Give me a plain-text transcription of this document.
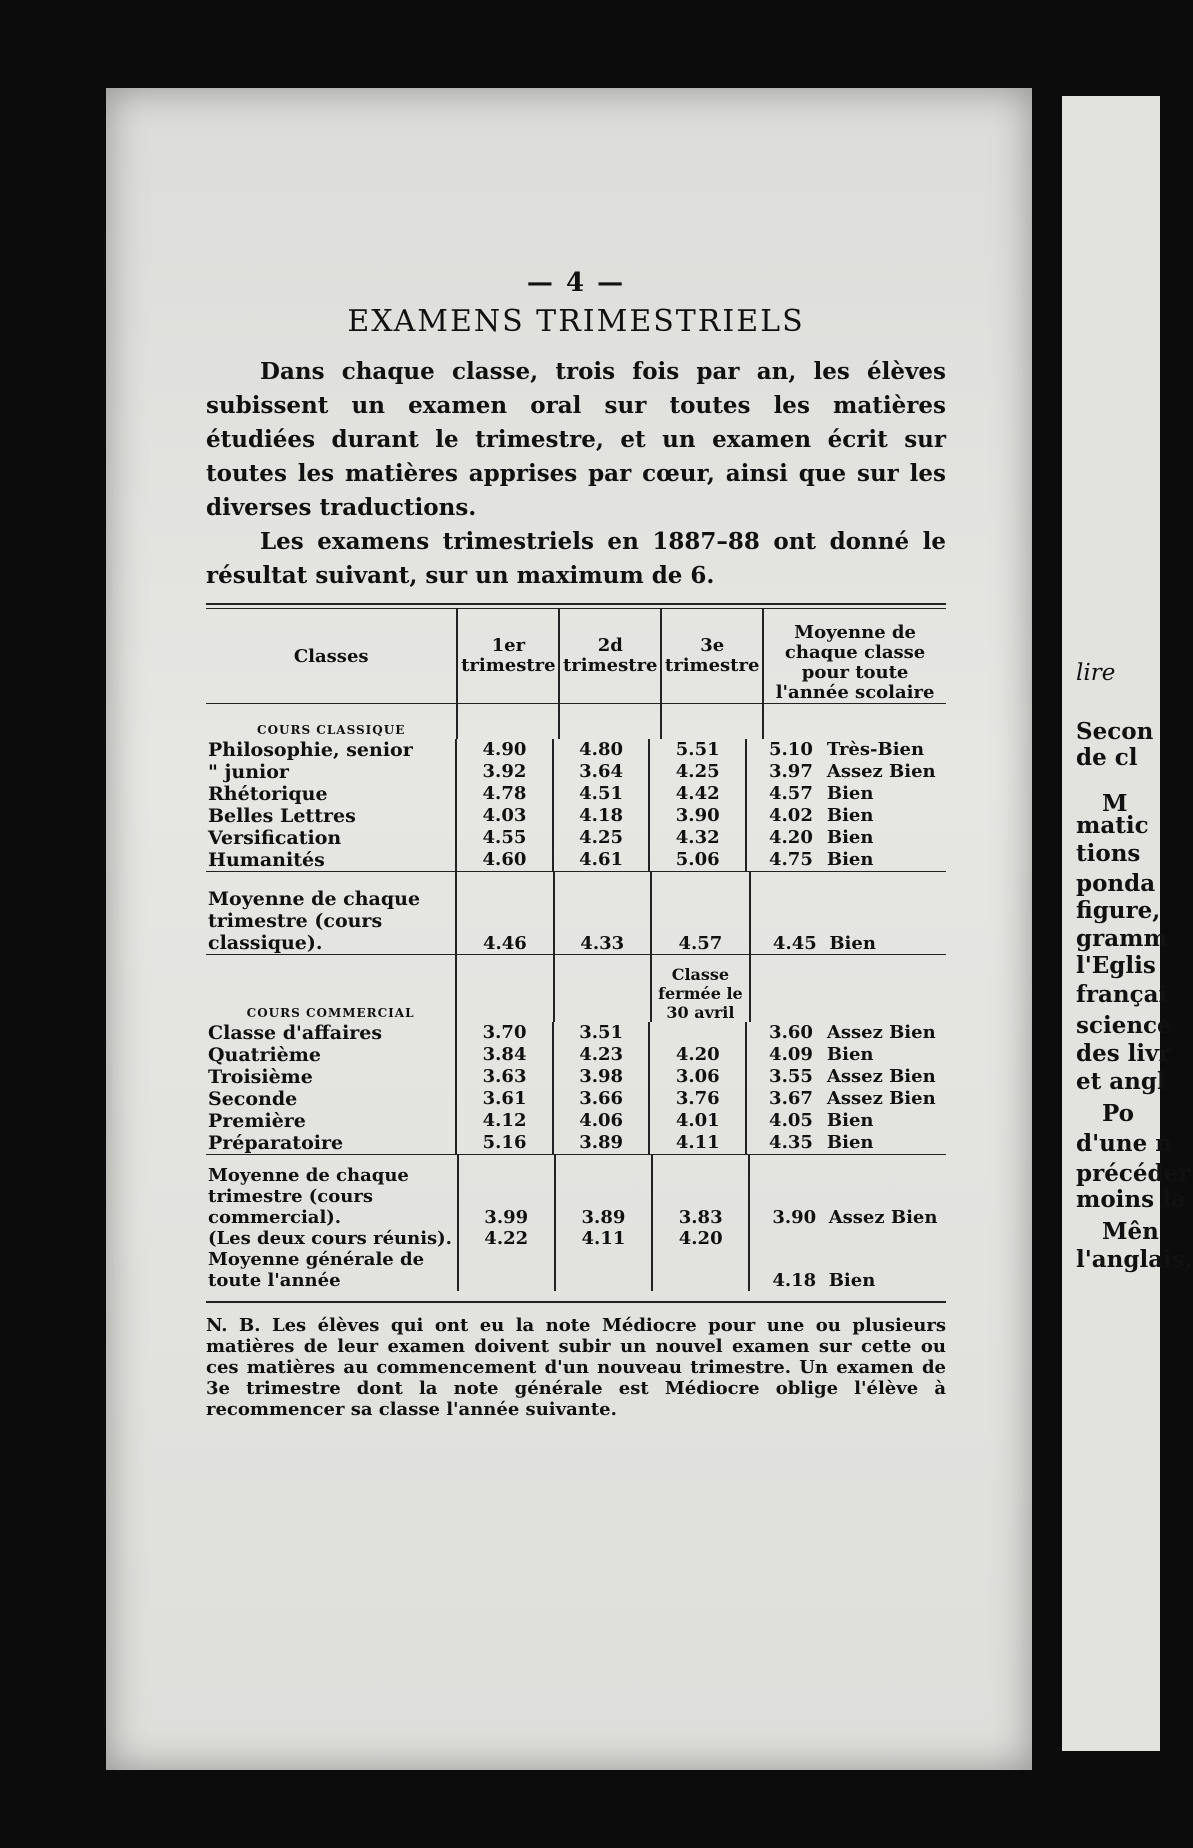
— 4 —
EXAMENS TRIMESTRIELS

Dans chaque classe, trois fois par an, les élèves subissent un examen oral sur toutes les matières étudiées durant le trimestre, et un examen écrit sur toutes les matières apprises par cœur, ainsi que sur les diverses traductions.

Les examens trimestriels en 1887–88 ont donné le résultat suivant, sur un maximum de 6.

Classes	1er trimestre	2d trimestre	3e trimestre	Moyenne de chaque classe pour toute l'année scolaire

COURS CLASSIQUE				
Philosophie, senior	4.90	4.80	5.51	5.10 Très-Bien
" junior	3.92	3.64	4.25	3.97 Assez Bien
Rhétorique	4.78	4.51	4.42	4.57 Bien
Belles Lettres	4.03	4.18	3.90	4.02 Bien
Versification	4.55	4.25	4.32	4.20 Bien
Humanités	4.60	4.61	5.06	4.75 Bien

Moyenne de chaque trimestre (cours classique).	4.46	4.33	4.57	4.45 Bien

COURS COMMERCIAL			Classe fermée le 30 avril	
Classe d'affaires	3.70	3.51		3.60 Assez Bien
Quatrième	3.84	4.23	4.20	4.09 Bien
Troisième	3.63	3.98	3.06	3.55 Assez Bien
Seconde	3.61	3.66	3.76	3.67 Assez Bien
Première	4.12	4.06	4.01	4.05 Bien
Préparatoire	5.16	3.89	4.11	4.35 Bien

Moyenne de chaque trimestre (cours commercial).	3.99	3.89	3.83	3.90 Assez Bien
(Les deux cours réunis).	4.22	4.11	4.20	
Moyenne générale de toute l'année				4.18 Bien
N. B. Les élèves qui ont eu la note Médiocre pour une ou plusieurs matières de leur examen doivent subir un nouvel examen sur cette ou ces matières au commencement d'un nouveau trimestre. Un examen de 3e trimestre dont la note générale est Médiocre oblige l'élève à recommencer sa classe l'année suivante.
lire
Secon
de cl
M
matic
tions
ponda
figure,
gramm
l'Eglis
françai
science
des livr
et angl
Po
d'une n
précéder
moins la
Mên
l'anglais,
